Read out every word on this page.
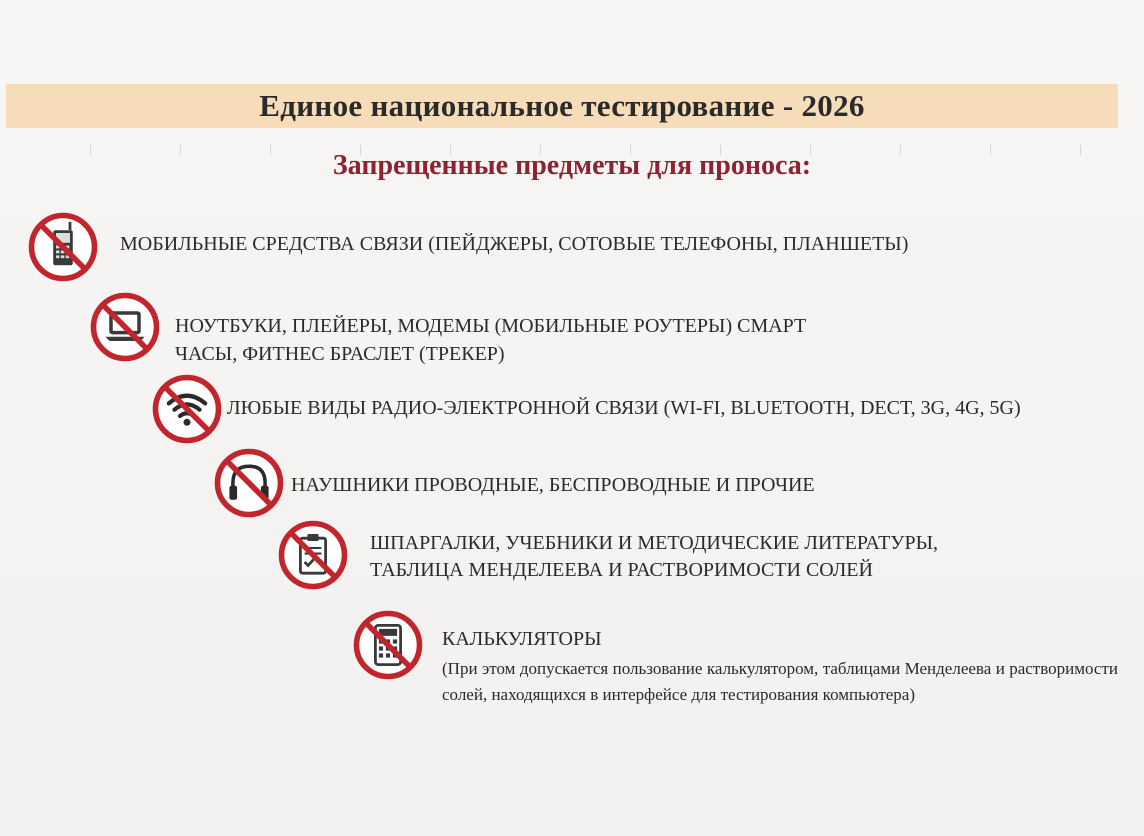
Единое национальное тестирование - 2026
Запрещенные предметы для проноса:
МОБИЛЬНЫЕ СРЕДСТВА СВЯЗИ (ПЕЙДЖЕРЫ, СОТОВЫЕ ТЕЛЕФОНЫ, ПЛАНШЕТЫ)
НОУТБУКИ, ПЛЕЙЕРЫ, МОДЕМЫ (МОБИЛЬНЫЕ РОУТЕРЫ) СМАРТ
ЧАСЫ, ФИТНЕС БРАСЛЕТ (ТРЕКЕР)
ЛЮБЫЕ ВИДЫ РАДИО-ЭЛЕКТРОННОЙ СВЯЗИ (WI-FI, BLUETOOTH, DECT, 3G, 4G, 5G)
НАУШНИКИ ПРОВОДНЫЕ, БЕСПРОВОДНЫЕ И ПРОЧИЕ
ШПАРГАЛКИ, УЧЕБНИКИ И МЕТОДИЧЕСКИЕ ЛИТЕРАТУРЫ,
ТАБЛИЦА МЕНДЕЛЕЕВА И РАСТВОРИМОСТИ СОЛЕЙ
КАЛЬКУЛЯТОРЫ
(При этом допускается пользование калькулятором, таблицами Менделеева и растворимости солей, находящихся в интерфейсе для тестирования компьютера)
